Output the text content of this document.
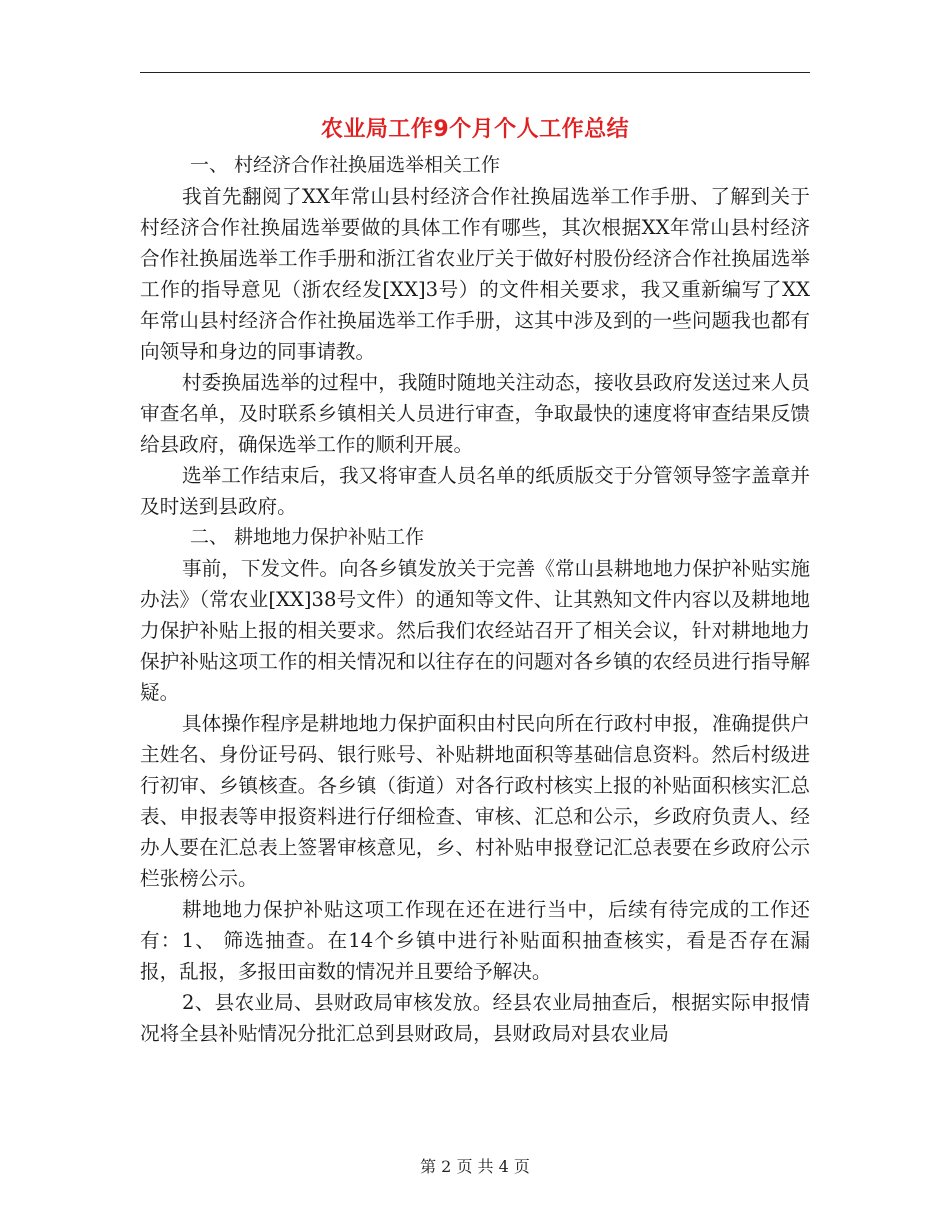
农业局工作9个月个人工作总结

一、 村经济合作社换届选举相关工作

我首先翻阅了XX年常山县村经济合作社换届选举工作手册、了解到关于村经济合作社换届选举要做的具体工作有哪些，其次根据XX年常山县村经济合作社换届选举工作手册和浙江省农业厅关于做好村股份经济合作社换届选举工作的指导意见（浙农经发[XX]3号）的文件相关要求，我又重新编写了XX年常山县村经济合作社换届选举工作手册，这其中涉及到的一些问题我也都有向领导和身边的同事请教。

村委换届选举的过程中，我随时随地关注动态，接收县政府发送过来人员审查名单，及时联系乡镇相关人员进行审查，争取最快的速度将审查结果反馈给县政府，确保选举工作的顺利开展。

选举工作结束后，我又将审查人员名单的纸质版交于分管领导签字盖章并及时送到县政府。

二、 耕地地力保护补贴工作

事前，下发文件。向各乡镇发放关于完善《常山县耕地地力保护补贴实施办法》（常农业[XX]38号文件）的通知等文件、让其熟知文件内容以及耕地地力保护补贴上报的相关要求。然后我们农经站召开了相关会议，针对耕地地力保护补贴这项工作的相关情况和以往存在的问题对各乡镇的农经员进行指导解疑。

具体操作程序是耕地地力保护面积由村民向所在行政村申报，准确提供户主姓名、身份证号码、银行账号、补贴耕地面积等基础信息资料。然后村级进行初审、乡镇核查。各乡镇（街道）对各行政村核实上报的补贴面积核实汇总表、申报表等申报资料进行仔细检查、审核、汇总和公示，乡政府负责人、经办人要在汇总表上签署审核意见，乡、村补贴申报登记汇总表要在乡政府公示栏张榜公示。

耕地地力保护补贴这项工作现在还在进行当中，后续有待完成的工作还有：1、 筛选抽查。在14个乡镇中进行补贴面积抽查核实，看是否存在漏报，乱报，多报田亩数的情况并且要给予解决。

2、县农业局、县财政局审核发放。经县农业局抽查后，根据实际申报情况将全县补贴情况分批汇总到县财政局，县财政局对县农业局

第 2 页 共 4 页
